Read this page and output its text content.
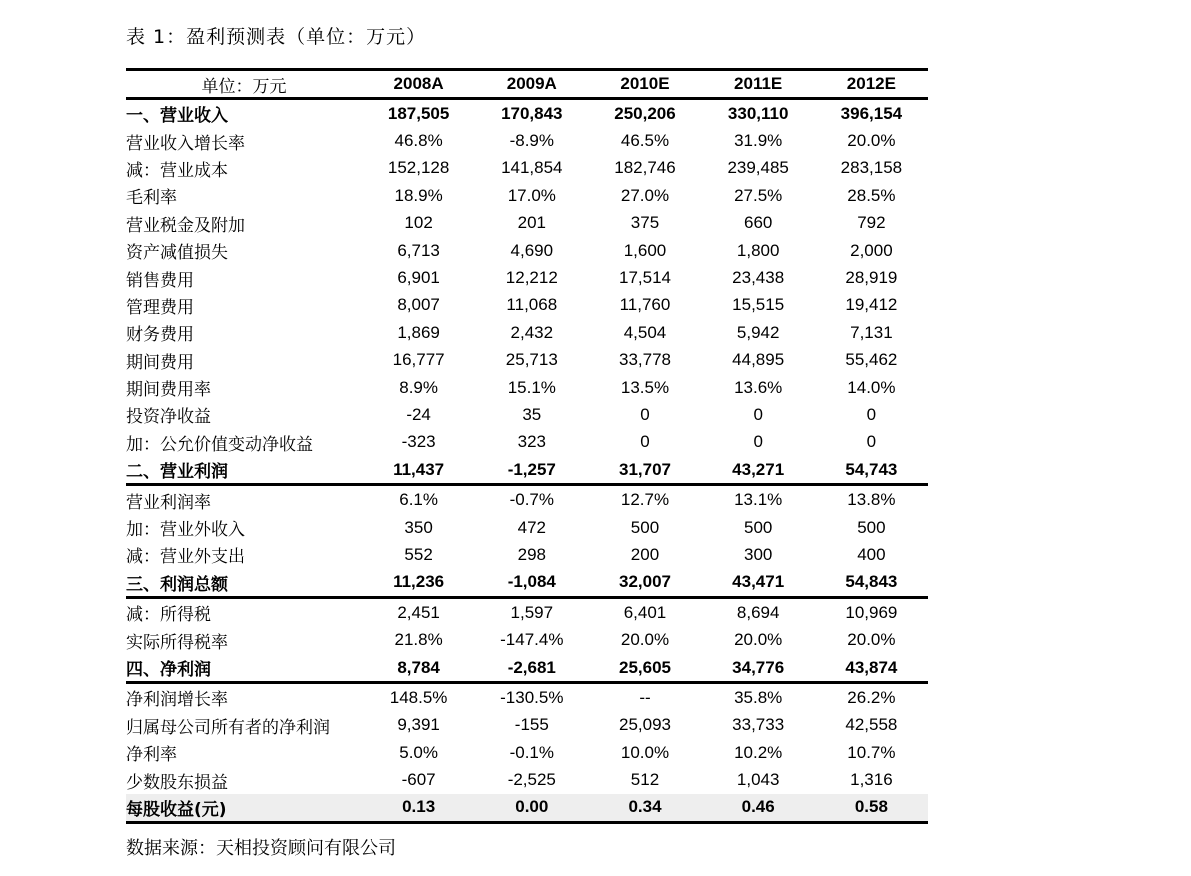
表 1：盈利预测表（单位：万元）
单位：万元	2008A	2009A	2010E	2011E	2012E
一、营业收入	187,505	170,843	250,206	330,110	396,154
营业收入增长率	46.8%	-8.9%	46.5%	31.9%	20.0%
减：营业成本	152,128	141,854	182,746	239,485	283,158
毛利率	18.9%	17.0%	27.0%	27.5%	28.5%
营业税金及附加	102	201	375	660	792
资产减值损失	6,713	4,690	1,600	1,800	2,000
销售费用	6,901	12,212	17,514	23,438	28,919
管理费用	8,007	11,068	11,760	15,515	19,412
财务费用	1,869	2,432	4,504	5,942	7,131
期间费用	16,777	25,713	33,778	44,895	55,462
期间费用率	8.9%	15.1%	13.5%	13.6%	14.0%
投资净收益	-24	35	0	0	0
加：公允价值变动净收益	-323	323	0	0	0
二、营业利润	11,437	-1,257	31,707	43,271	54,743
营业利润率	6.1%	-0.7%	12.7%	13.1%	13.8%
加：营业外收入	350	472	500	500	500
减：营业外支出	552	298	200	300	400
三、利润总额	11,236	-1,084	32,007	43,471	54,843
减：所得税	2,451	1,597	6,401	8,694	10,969
实际所得税率	21.8%	-147.4%	20.0%	20.0%	20.0%
四、净利润	8,784	-2,681	25,605	34,776	43,874
净利润增长率	148.5%	-130.5%	--	35.8%	26.2%
归属母公司所有者的净利润	9,391	-155	25,093	33,733	42,558
净利率	5.0%	-0.1%	10.0%	10.2%	10.7%
少数股东损益	-607	-2,525	512	1,043	1,316
每股收益(元)	0.13	0.00	0.34	0.46	0.58
数据来源：天相投资顾问有限公司
